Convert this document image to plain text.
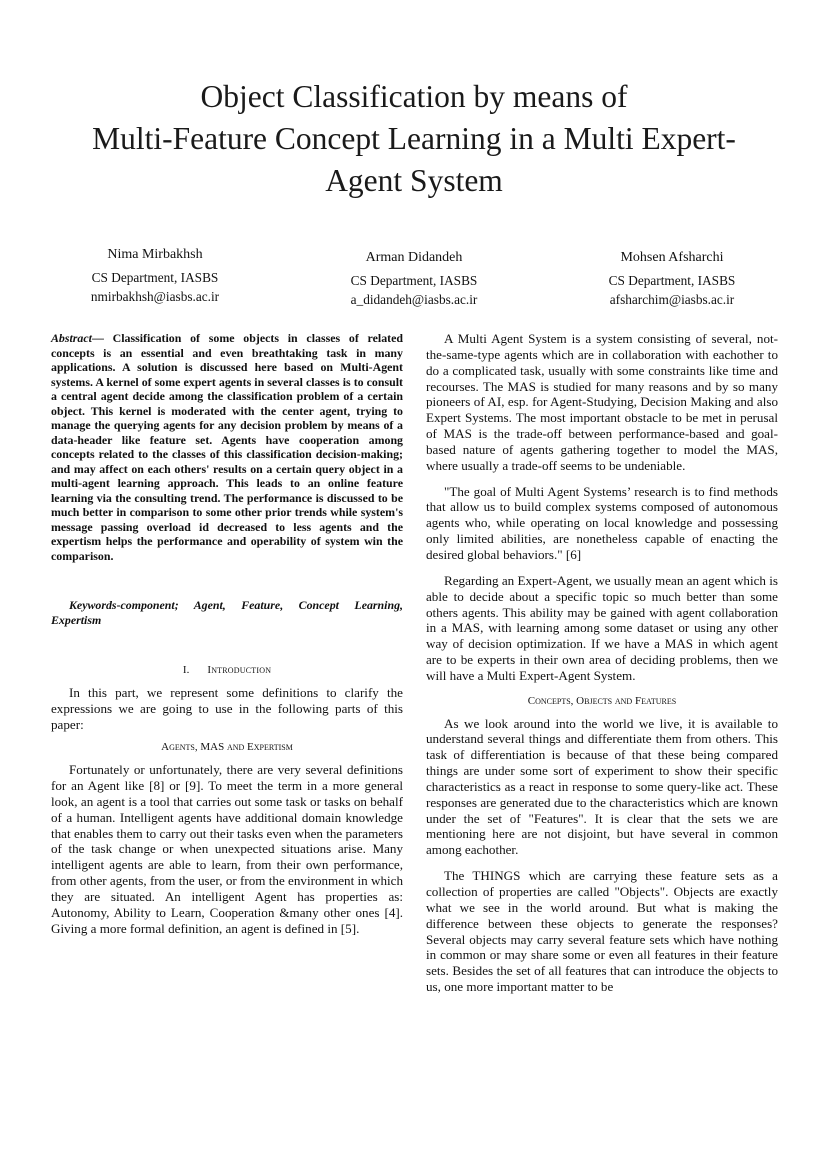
Object Classification by means of
Multi-Feature Concept Learning in a Multi Expert-
Agent System
Nima Mirbakhsh
CS Department, IASBS
nmirbakhsh@iasbs.ac.ir
Arman Didandeh
CS Department, IASBS
a_didandeh@iasbs.ac.ir
Mohsen Afsharchi
CS Department, IASBS
afsharchim@iasbs.ac.ir

Abstract— Classification of some objects in classes of related concepts is an essential and even breathtaking task in many applications. A solution is discussed here based on Multi-Agent systems. A kernel of some expert agents in several classes is to consult a central agent decide among the classification problem of a certain object. This kernel is moderated with the center agent, trying to manage the querying agents for any decision problem by means of a data-header like feature set. Agents have cooperation among concepts related to the classes of this classification decision-making; and may affect on each others' results on a certain query object in a multi-agent learning approach. This leads to an online feature learning via the consulting trend. The performance is discussed to be much better in comparison to some other prior trends while system's message passing overload id decreased to less agents and the expertism helps the performance and operability of system win the comparison.

Keywords-component; Agent, Feature, Concept Learning, Expertism

I. Introduction

In this part, we represent some definitions to clarify the expressions we are going to use in the following parts of this paper:

Agents, MAS and Expertism

Fortunately or unfortunately, there are very several definitions for an Agent like [8] or [9]. To meet the term in a more general look, an agent is a tool that carries out some task or tasks on behalf of a human. Intelligent agents have additional domain knowledge that enables them to carry out their tasks even when the parameters of the task change or when unexpected situations arise. Many intelligent agents are able to learn, from their own performance, from other agents, from the user, or from the environment in which they are situated. An intelligent Agent has properties as: Autonomy, Ability to Learn, Cooperation &many other ones [4]. Giving a more formal definition, an agent is defined in [5].

A Multi Agent System is a system consisting of several, not-the-same-type agents which are in collaboration with eachother to do a complicated task, usually with some constraints like time and recourses. The MAS is studied for many reasons and by so many pioneers of AI, esp. for Agent-Studying, Decision Making and also Expert Systems. The most important obstacle to be met in perusal of MAS is the trade-off between performance-based and goal-based nature of agents gathering together to model the MAS, where usually a trade-off seems to be undeniable.

"The goal of Multi Agent Systems’ research is to find methods that allow us to build complex systems composed of autonomous agents who, while operating on local knowledge and possessing only limited abilities, are nonetheless capable of enacting the desired global behaviors." [6]

Regarding an Expert-Agent, we usually mean an agent which is able to decide about a specific topic so much better than some others agents. This ability may be gained with agent collaboration in a MAS, with learning among some dataset or using any other way of decision optimization. If we have a MAS in which agent are to be experts in their own area of deciding problems, then we will have a Multi Expert-Agent System.

Concepts, Objects and Features

As we look around into the world we live, it is available to understand several things and differentiate them from others. This task of differentiation is because of that these being compared things are under some sort of experiment to show their specific characteristics as a react in response to some query-like act. These responses are generated due to the characteristics which are known under the set of "Features". It is clear that the sets we are mentioning here are not disjoint, but have several in common among eachother.

The THINGS which are carrying these feature sets as a collection of properties are called "Objects". Objects are exactly what we see in the world around. But what is making the difference between these objects to generate the responses? Several objects may carry several feature sets which have nothing in common or may share some or even all features in their feature sets. Besides the set of all features that can introduce the objects to us, one more important matter to be
